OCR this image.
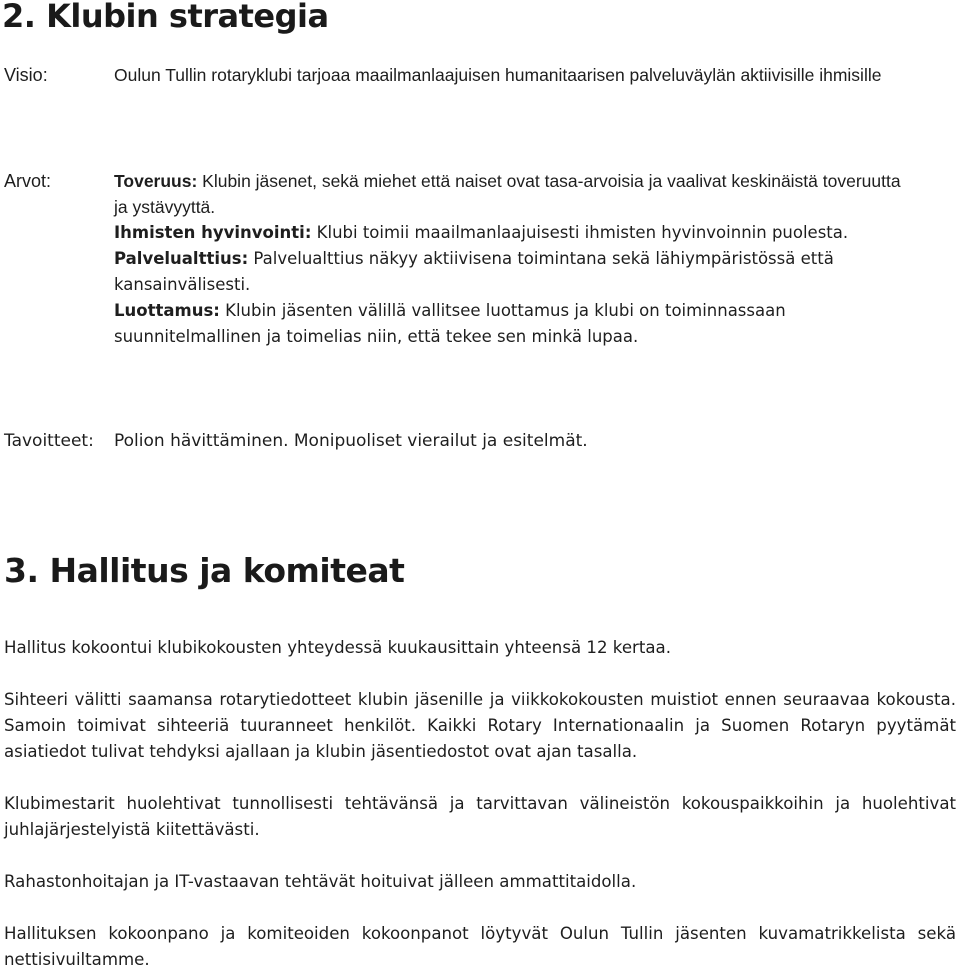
2. Klubin strategia
Visio:	Oulun Tullin rotaryklubi tarjoaa maailmanlaajuisen humanitaarisen palveluväylän aktiivisille ihmisille
Arvot:	Toveruus: Klubin jäsenet, sekä miehet että naiset ovat tasa-arvoisia ja vaalivat keskinäistä toveruutta ja ystävyyttä.

Ihmisten hyvinvointi: Klubi toimii maailmanlaajuisesti ihmisten hyvinvoinnin puolesta.

Palvelualttius: Palvelualttius näkyy aktiivisena toimintana sekä lähiympäristössä että kansainvälisesti.

Luottamus: Klubin jäsenten välillä vallitsee luottamus ja klubi on toiminnassaan suunnitelmallinen ja toimelias niin, että tekee sen minkä lupaa.

Tavoitteet:	Polion hävittäminen. Monipuoliset vierailut ja esitelmät.
3. Hallitus ja komiteat

Hallitus kokoontui klubikokousten yhteydessä kuukausittain yhteensä 12 kertaa.

Sihteeri välitti saamansa rotarytiedotteet klubin jäsenille ja viikkokokousten muistiot ennen seuraavaa kokousta. Samoin toimivat sihteeriä tuuranneet henkilöt. Kaikki Rotary Internationaalin ja Suomen Rotaryn pyytämät asiatiedot tulivat tehdyksi ajallaan ja klubin jäsentiedostot ovat ajan tasalla.

Klubimestarit huolehtivat tunnollisesti tehtävänsä ja tarvittavan välineistön kokouspaikkoihin ja huolehtivat juhlajärjestelyistä kiitettävästi.

Rahastonhoitajan ja IT-vastaavan tehtävät hoituivat jälleen ammattitaidolla.

Hallituksen kokoonpano ja komiteoiden kokoonpanot löytyvät Oulun Tullin jäsenten kuvamatrikkelista sekä nettisivuiltamme.
